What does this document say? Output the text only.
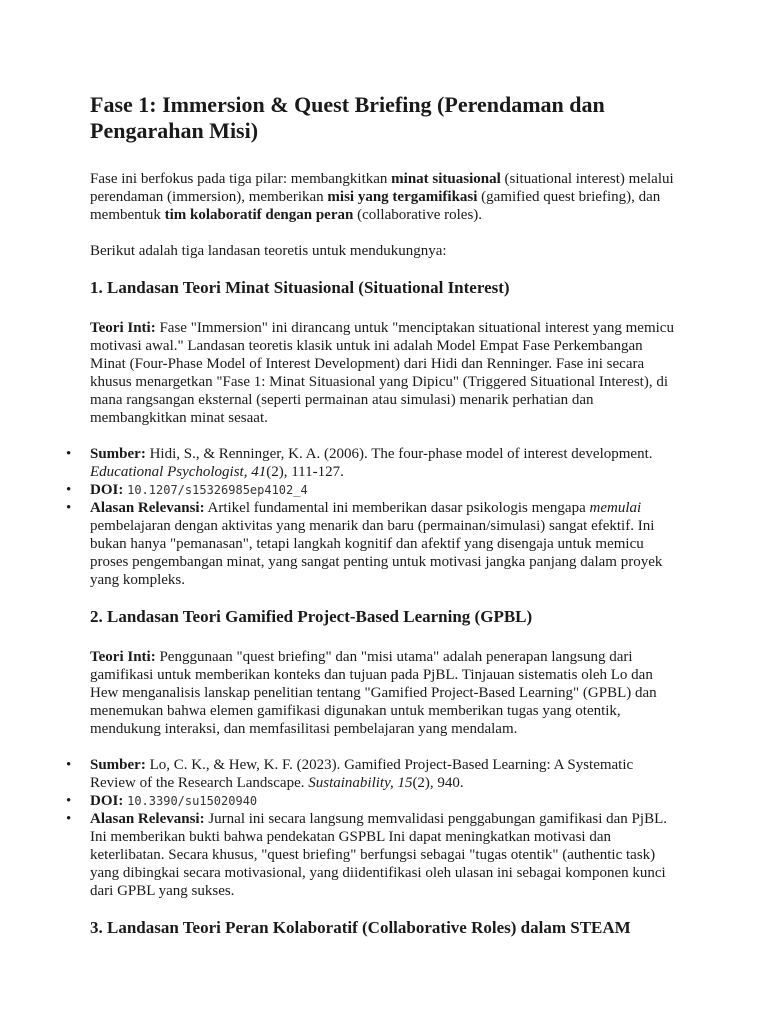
Fase 1: Immersion & Quest Briefing (Perendaman dan Pengarahan Misi)

Fase ini berfokus pada tiga pilar: membangkitkan minat situasional (situational interest) melalui perendaman (immersion), memberikan misi yang tergamifikasi (gamified quest briefing), dan membentuk tim kolaboratif dengan peran (collaborative roles).

Berikut adalah tiga landasan teoretis untuk mendukungnya:

1. Landasan Teori Minat Situasional (Situational Interest)

Teori Inti: Fase "Immersion" ini dirancang untuk "menciptakan situational interest yang memicu motivasi awal." Landasan teoretis klasik untuk ini adalah Model Empat Fase Perkembangan Minat (Four-Phase Model of Interest Development) dari Hidi dan Renninger. Fase ini secara khusus menargetkan "Fase 1: Minat Situasional yang Dipicu" (Triggered Situational Interest), di mana rangsangan eksternal (seperti permainan atau simulasi) menarik perhatian dan membangkitkan minat sesaat.

• Sumber: Hidi, S., & Renninger, K. A. (2006). The four-phase model of interest development. Educational Psychologist, 41(2), 111-127.
• DOI: 10.1207/s15326985ep4102_4
• Alasan Relevansi: Artikel fundamental ini memberikan dasar psikologis mengapa memulai pembelajaran dengan aktivitas yang menarik dan baru (permainan/simulasi) sangat efektif. Ini bukan hanya "pemanasan", tetapi langkah kognitif dan afektif yang disengaja untuk memicu proses pengembangan minat, yang sangat penting untuk motivasi jangka panjang dalam proyek yang kompleks.
2. Landasan Teori Gamified Project-Based Learning (GPBL)

Teori Inti: Penggunaan "quest briefing" dan "misi utama" adalah penerapan langsung dari gamifikasi untuk memberikan konteks dan tujuan pada PjBL. Tinjauan sistematis oleh Lo dan Hew menganalisis lanskap penelitian tentang "Gamified Project-Based Learning" (GPBL) dan menemukan bahwa elemen gamifikasi digunakan untuk memberikan tugas yang otentik, mendukung interaksi, dan memfasilitasi pembelajaran yang mendalam.

• Sumber: Lo, C. K., & Hew, K. F. (2023). Gamified Project-Based Learning: A Systematic Review of the Research Landscape. Sustainability, 15(2), 940.
• DOI: 10.3390/su15020940
• Alasan Relevansi: Jurnal ini secara langsung memvalidasi penggabungan gamifikasi dan PjBL. Ini memberikan bukti bahwa pendekatan GSPBL Ini dapat meningkatkan motivasi dan keterlibatan. Secara khusus, "quest briefing" berfungsi sebagai "tugas otentik" (authentic task) yang dibingkai secara motivasional, yang diidentifikasi oleh ulasan ini sebagai komponen kunci dari GPBL yang sukses.
3. Landasan Teori Peran Kolaboratif (Collaborative Roles) dalam STEAM
